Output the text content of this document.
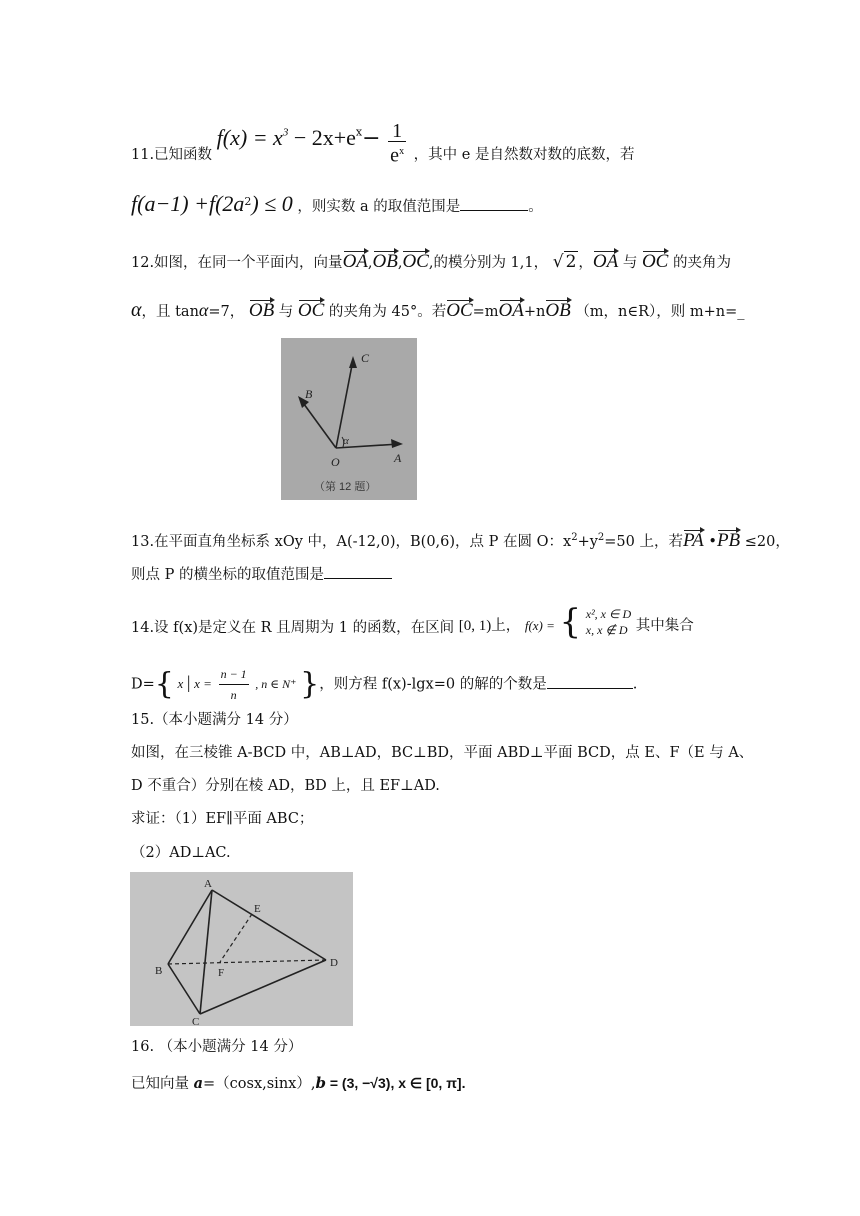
11.已知函数 $f(x) = x^3 - 2x+e^x- \frac{1}{e^x}$ ，其中 e 是自然数对数的底数，若
$f(a-1) +f(2a^2) \le 0$ ，则实数 a 的取值范围是	。
12.如图，在同一个平面内，向量OA,OB,OC,的模分别为 1,1， √ 2 ，OA 与 OC 的夹角为
α，且 tanα=7， OB 与 OC 的夹角为 45°。若OC=mOA+nOB （m，n∈R），则 m+n=_
C
B
O	A
α
（第 12 题）
13.在平面直角坐标系 xOy 中，A(-12,0)，B(0,6)，点 P 在圆 O：$x^2+y^2=50$ 上，若PA •PB ≤20，
则点 P 的横坐标的取值范围是
14.设 f(x)是定义在 R 且周期为 1 的函数，在区间 [0, 1)上， f(x) = { x², x ∈ D
x, x ∉ D 其中集合
D={ x | $x = \frac{n - 1}{n}$ , n ∈ N⁺ }，则方程 f(x)-lgx=0 的解的个数是	.
15.（本小题满分 14 分）
如图，在三棱锥 A-BCD 中，AB⊥AD，BC⊥BD，平面 ABD⊥平面 BCD，点 E、F（E 与 A、
D 不重合）分别在棱 AD，BD 上，且 EF⊥AD.
求证：（1）EF∥平面 ABC；
（2）AD⊥AC.
A
E
B	F
D
C
16. （本小题满分 14 分）
已知向量 a=（cosx,sinx）,b = (3, −√3), x ∈ [0, π].
